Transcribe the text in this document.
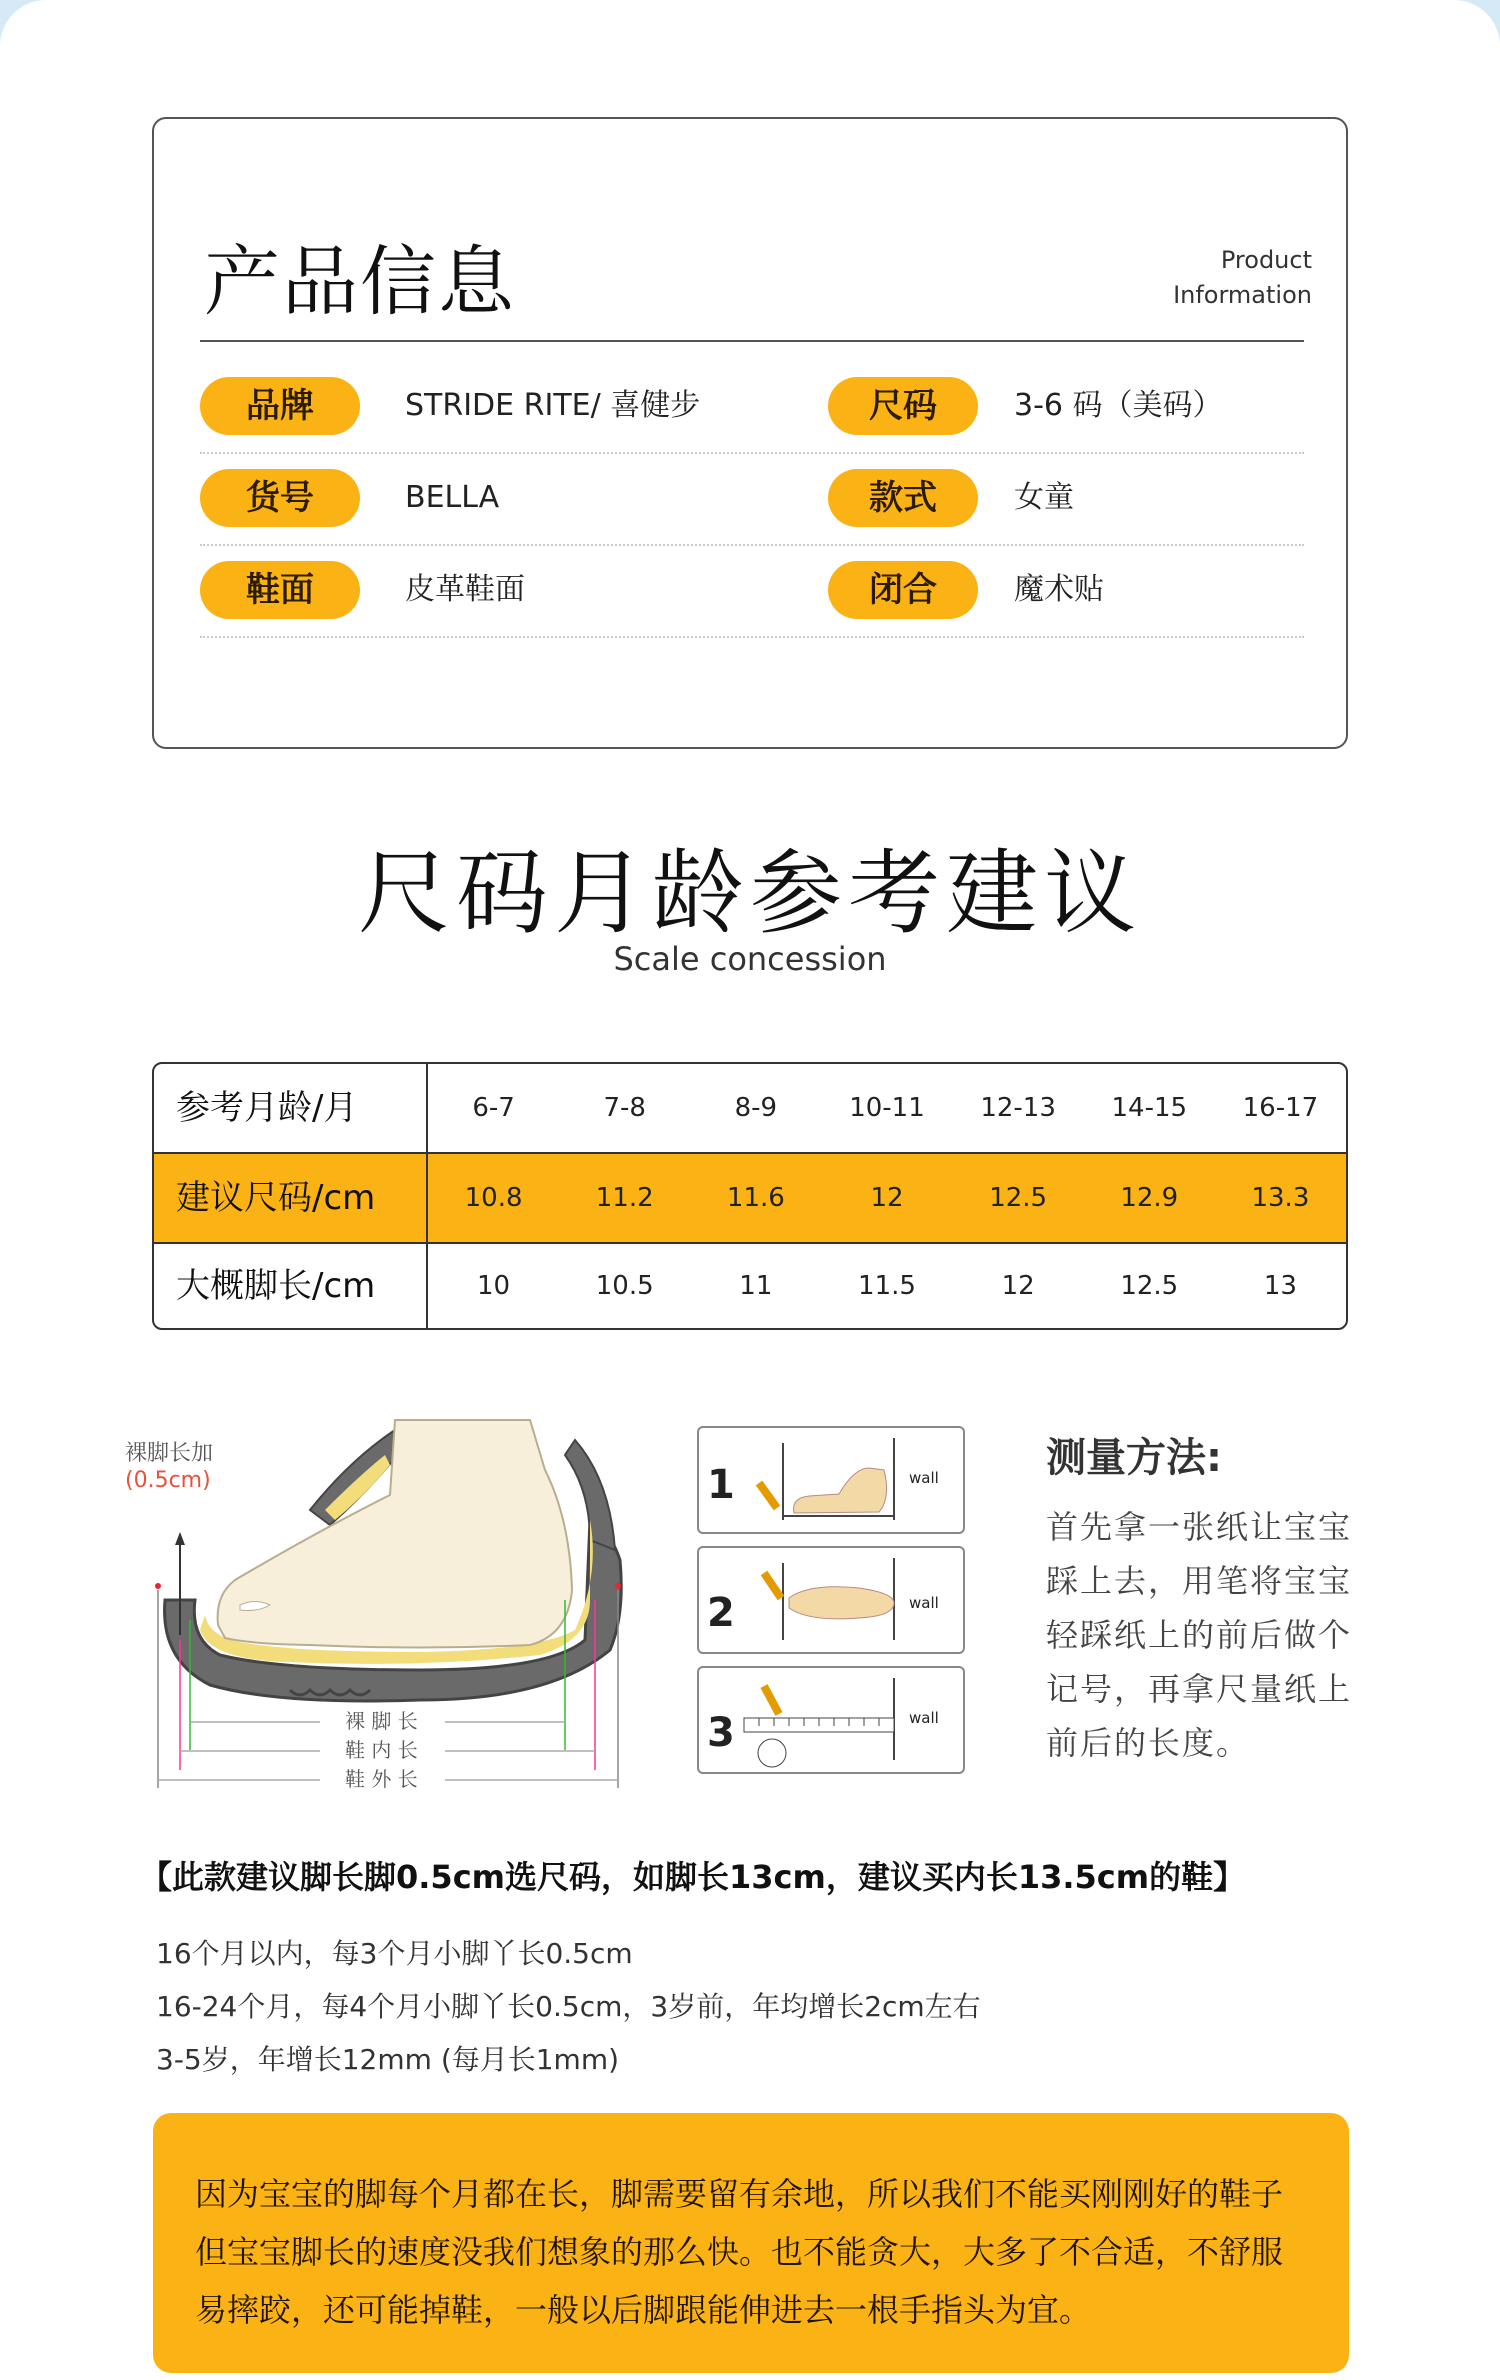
产品信息	Product
Information
品牌	STRIDE RITE/ 喜健步	尺码	3-6 码（美码）
货号	BELLA	款式	女童
鞋面	皮革鞋面	闭合	魔术贴
尺码月龄参考建议
Scale concession
参考月龄/月	6-7	7-8	8-9	10-11	12-13	14-15	16-17
建议尺码/cm	10.8	11.2	11.6	12	12.5	12.9	13.3
大概脚长/cm	10	10.5	11	11.5	12	12.5	13
裸脚长加
(0.5cm)
裸 脚 长
鞋 内 长
鞋 外 长
1	wall
2	wall
3	wall
测量方法:
首先拿一张纸让宝宝踩上去，用笔将宝宝轻踩纸上的前后做个记号，再拿尺量纸上前后的长度。
【此款建议脚长脚0.5cm选尺码，如脚长13cm，建议买内长13.5cm的鞋】
16个月以内，每3个月小脚丫长0.5cm
16-24个月，每4个月小脚丫长0.5cm，3岁前，年均增长2cm左右
3-5岁，年增长12mm (每月长1mm)
因为宝宝的脚每个月都在长，脚需要留有余地，所以我们不能买刚刚好的鞋子
但宝宝脚长的速度没我们想象的那么快。也不能贪大，大多了不合适，不舒服
易摔跤，还可能掉鞋，一般以后脚跟能伸进去一根手指头为宜。
